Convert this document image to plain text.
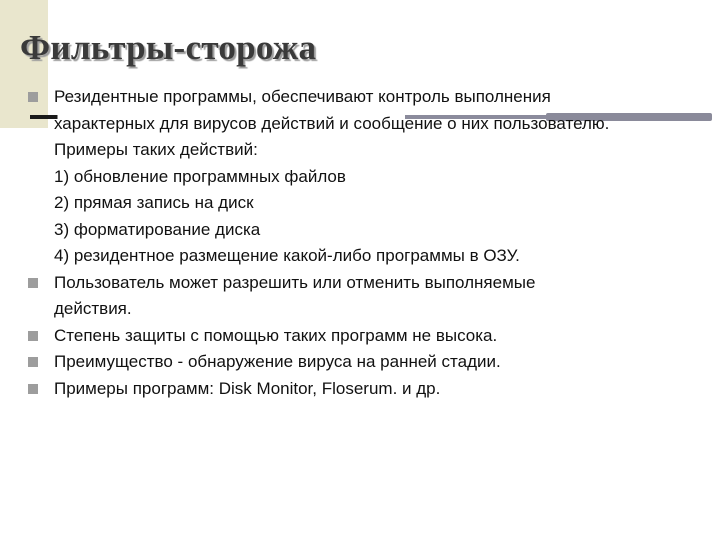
Фильтры-сторожа
Резидентные программы, обеспечивают контроль выполнения
характерных для вирусов действий и сообщение о них пользователю.
Примеры таких действий:
1) обновление программных файлов
2) прямая запись на диск
3) форматирование диска
4) резидентное размещение какой-либо программы в ОЗУ.
Пользователь может разрешить или отменить выполняемые
действия.
Степень защиты с помощью таких программ не высока.
Преимущество - обнаружение вируса на ранней стадии.
Примеры программ: Disk Monitor, Floserum. и др.
